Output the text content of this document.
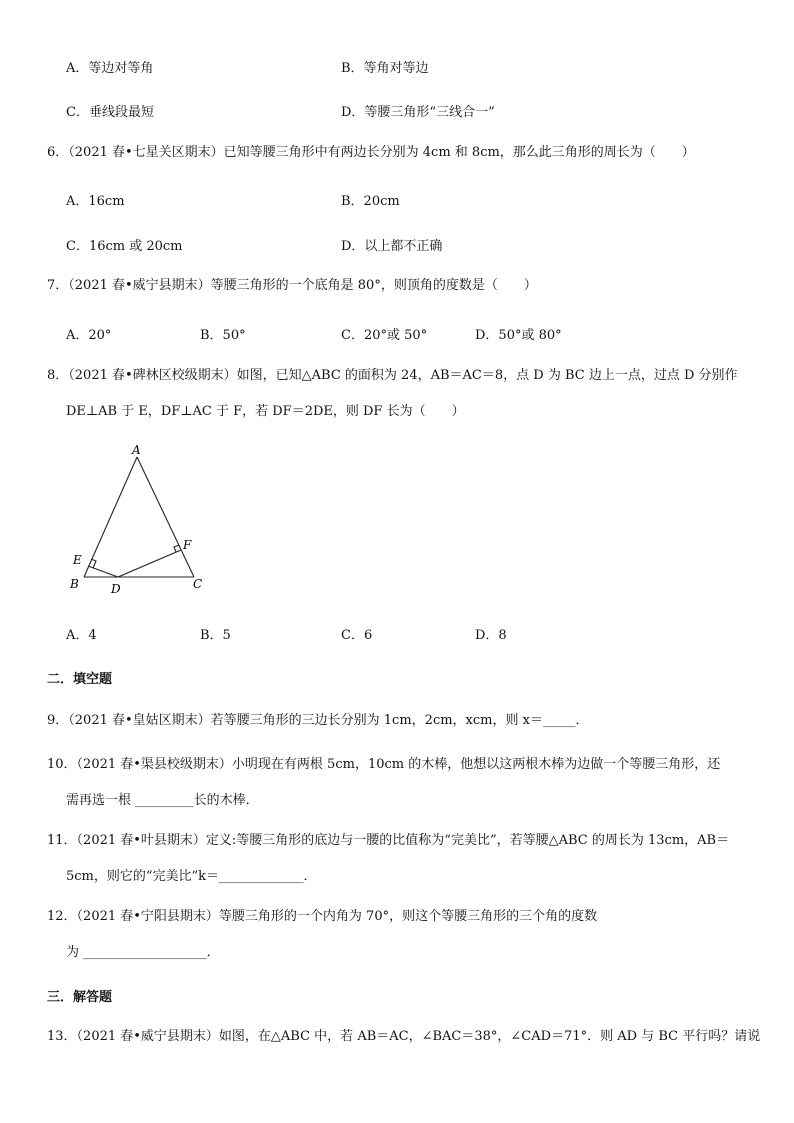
A．等边对等角	B．等角对等边
C．垂线段最短	D．等腰三角形“三线合一”
6．（2021 春•七星关区期末）已知等腰三角形中有两边长分别为 4cm 和 8cm，那么此三角形的周长为（　　）
A．16cm	B．20cm
C．16cm 或 20cm	D．以上都不正确
7．（2021 春•威宁县期末）等腰三角形的一个底角是 80°，则顶角的度数是（　　）
A．20°	B．50°	C．20°或 50°	D．50°或 80°
8．（2021 春•碑林区校级期末）如图，已知△ABC 的面积为 24，AB＝AC＝8，点 D 为 BC 边上一点，过点 D 分别作
DE⊥AB 于 E，DF⊥AC 于 F，若 DF＝2DE，则 DF 长为（　　）
A
B	C
D
E
F
A．4	B．5	C．6	D．8
二．填空题
9．（2021 春•皇姑区期末）若等腰三角形的三边长分别为 1cm，2cm，xcm，则 x＝_____．
10．（2021 春•渠县校级期末）小明现在有两根 5cm，10cm 的木棒，他想以这两根木棒为边做一个等腰三角形，还
需再选一根 _________长的木棒．
11．（2021 春•叶县期末）定义:等腰三角形的底边与一腰的比值称为“完美比”，若等腰△ABC 的周长为 13cm，AB＝
5cm，则它的“完美比”k＝_____________．
12．（2021 春•宁阳县期末）等腰三角形的一个内角为 70°，则这个等腰三角形的三个角的度数
为 ___________________．
三．解答题
13．（2021 春•威宁县期末）如图，在△ABC 中，若 AB＝AC，∠BAC＝38°，∠CAD＝71°．则 AD 与 BC 平行吗？请说
